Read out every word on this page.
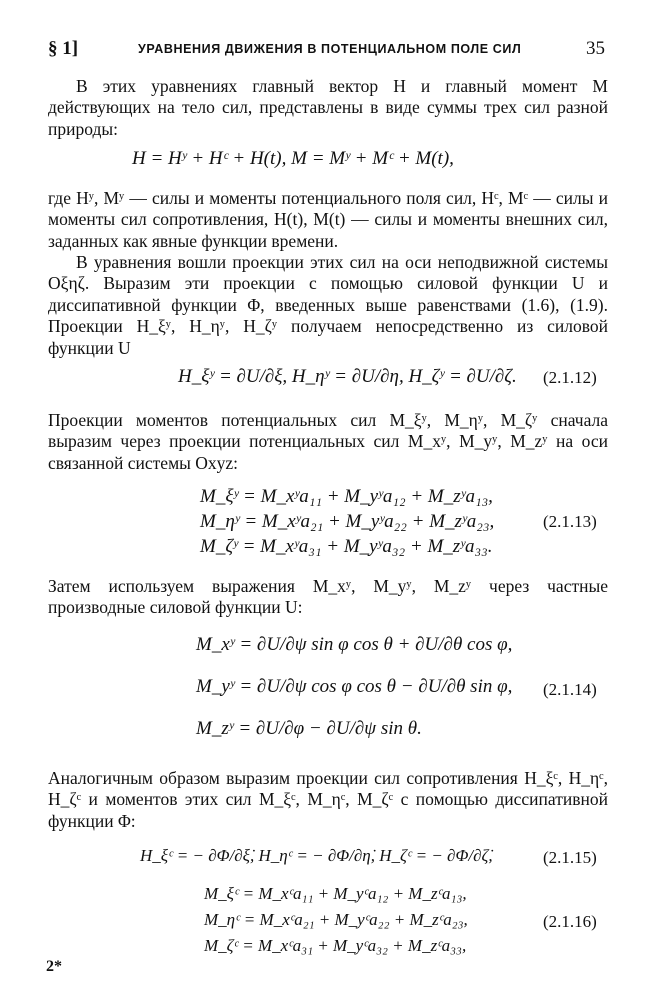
§ 1]	УРАВНЕНИЯ ДВИЖЕНИЯ В ПОТЕНЦИАЛЬНОМ ПОЛЕ СИЛ	35
В этих уравнениях главный вектор H и главный момент M действующих на тело сил, представлены в виде суммы трех сил разной природы:
H = Hʸ + Hᶜ + H(t), M = Mʸ + Mᶜ + M(t),
где Hʸ, Mʸ — силы и моменты потенциального поля сил, Hᶜ, Mᶜ — силы и моменты сил сопротивления, H(t), M(t) — силы и моменты внешних сил, заданных как явные функции времени.
В уравнения вошли проекции этих сил на оси неподвижной системы Oξηζ. Выразим эти проекции с помощью силовой функции U и диссипативной функции Φ, введенных выше равенствами (1.6), (1.9). Проекции H_ξʸ, H_ηʸ, H_ζʸ получаем непосредственно из силовой функции U
H_ξʸ = ∂U/∂ξ, H_ηʸ = ∂U/∂η, H_ζʸ = ∂U/∂ζ. (2.1.12)
Проекции моментов потенциальных сил M_ξʸ, M_ηʸ, M_ζʸ сначала выразим через проекции потенциальных сил M_xʸ, M_yʸ, M_zʸ на оси связанной системы Oxyz:
M_ξʸ = M_xʸa₁₁ + M_yʸa₁₂ + M_zʸa₁₃,
M_ηʸ = M_xʸa₂₁ + M_yʸa₂₂ + M_zʸa₂₃,
M_ζʸ = M_xʸa₃₁ + M_yʸa₃₂ + M_zʸa₃₃.
(2.1.13)
Затем используем выражения M_xʸ, M_yʸ, M_zʸ через частные производные силовой функции U:
M_xʸ = ∂U/∂ψ sin φ cos θ + ∂U/∂θ cos φ,
M_yʸ = ∂U/∂ψ cos φ cos θ − ∂U/∂θ sin φ,
M_zʸ = ∂U/∂φ − ∂U/∂ψ sin θ.
(2.1.14)
Аналогичным образом выразим проекции сил сопротивления H_ξᶜ, H_ηᶜ, H_ζᶜ и моментов этих сил M_ξᶜ, M_ηᶜ, M_ζᶜ с помощью диссипативной функции Φ:
H_ξᶜ = − ∂Φ/∂ξ̇, H_ηᶜ = − ∂Φ/∂η̇, H_ζᶜ = − ∂Φ/∂ζ̇,	(2.1.15)
M_ξᶜ = M_xᶜa₁₁ + M_yᶜa₁₂ + M_zᶜa₁₃,
M_ηᶜ = M_xᶜa₂₁ + M_yᶜa₂₂ + M_zᶜa₂₃,
M_ζᶜ = M_xᶜa₃₁ + M_yᶜa₃₂ + M_zᶜa₃₃,
(2.1.16)
2*
